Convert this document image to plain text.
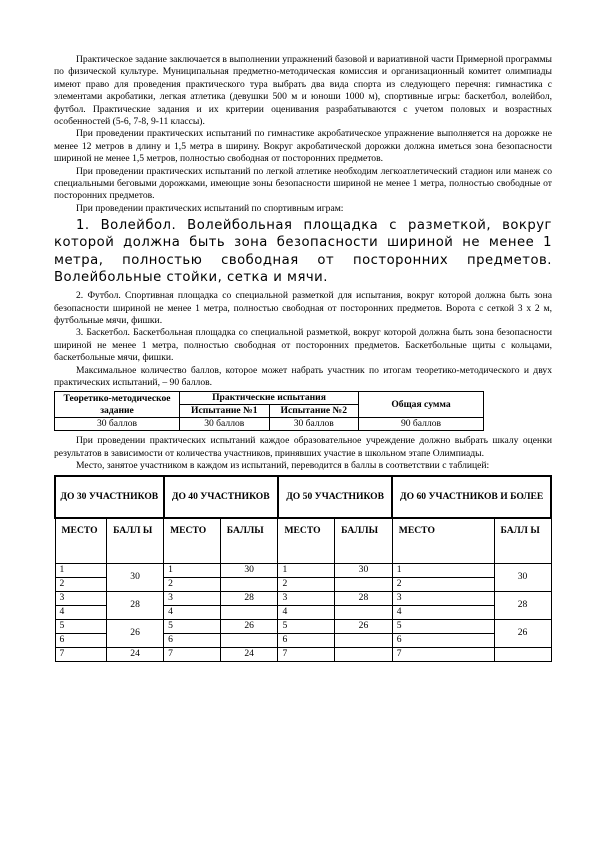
Практическое задание заключается в выполнении упражнений базовой и вариативной части Примерной программы по физической культуре. Муниципальная предметно-методическая комиссия и организационный комитет олимпиады имеют право для проведения практического тура выбрать два вида спорта из следующего перечня: гимнастика с элементами акробатики, легкая атлетика (девушки 500 м и юноши 1000 м), спортивные игры: баскетбол, волейбол, футбол. Практические задания и их критерии оценивания разрабатываются с учетом половых и возрастных особенностей (5-6, 7-8, 9-11 классы).

При проведении практических испытаний по гимнастике акробатическое упражнение выполняется на дорожке не менее 12 метров в длину и 1,5 метра в ширину. Вокруг акробатической дорожки должна иметься зона безопасности шириной не менее 1,5 метров, полностью свободная от посторонних предметов.

При проведении практических испытаний по легкой атлетике необходим легкоатлетический стадион или манеж со специальными беговыми дорожками, имеющие зоны безопасности шириной не менее 1 метра, полностью свободные от посторонних предметов.

При проведении практических испытаний по спортивным играм:

1. Волейбол. Волейбольная площадка с разметкой, вокруг которой должна быть зона безопасности шириной не менее 1 метра, полностью свободная от посторонних предметов. Волейбольные стойки, сетка и мячи.

2. Футбол. Спортивная площадка со специальной разметкой для испытания, вокруг которой должна быть зона безопасности шириной не менее 1 метра, полностью свободная от посторонних предметов. Ворота с сеткой 3 х 2 м, футбольные мячи, фишки.

3. Баскетбол. Баскетбольная площадка со специальной разметкой, вокруг которой должна быть зона безопасности шириной не менее 1 метра, полностью свободная от посторонних предметов. Баскетбольные щиты с кольцами, баскетбольные мячи, фишки.

Максимальное количество баллов, которое может набрать участник по итогам теоретико-методического и двух практических испытаний, – 90 баллов.

Теоретико-методическое задание	Практические испытания		Общая сумма
	Испытание №1	Испытание №2	
30 баллов	30 баллов	30 баллов	90 баллов

При проведении практических испытаний каждое образовательное учреждение должно выбрать шкалу оценки результатов в зависимости от количества участников, принявших участие в школьном этапе Олимпиады.

Место, занятое участником в каждом из испытаний, переводится в баллы в соответствии с таблицей:

ДО 30 УЧАСТНИКОВ		ДО 40 УЧАСТНИКОВ		ДО 50 УЧАСТНИКОВ		ДО 60 УЧАСТНИКОВ И БОЛЕЕ	
МЕСТО	БАЛЛ Ы	МЕСТО	БАЛЛЫ	МЕСТО	БАЛЛЫ	МЕСТО	БАЛЛ Ы
1	30	1	30	1	30	1	30
2		2		2		2	
3	28	3	28	3	28	3	28
4		4		4		4	
5	26	5	26	5	26	5	26
6		6		6		6	
7	24	7	24	7		7	
